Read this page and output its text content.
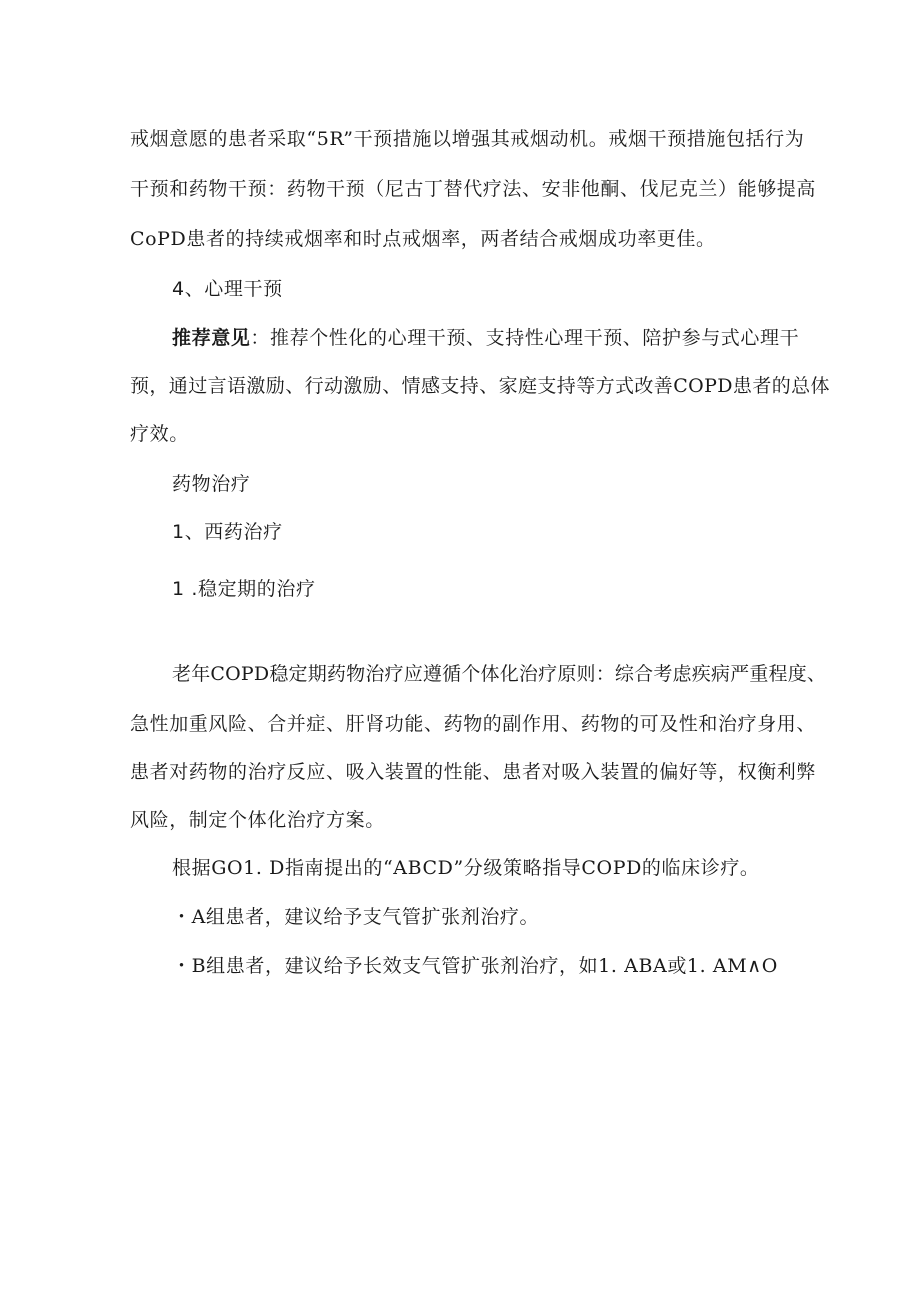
戒烟意愿的患者采取“5R”干预措施以增强其戒烟动机。戒烟干预措施包括行为
干预和药物干预：药物干预（尼古丁替代疗法、安非他酮、伐尼克兰）能够提高
CoPD患者的持续戒烟率和时点戒烟率，两者结合戒烟成功率更佳。
4、心理干预
推荐意见：推荐个性化的心理干预、支持性心理干预、陪护参与式心理干
预，通过言语激励、行动激励、情感支持、家庭支持等方式改善COPD患者的总体
疗效。
药物治疗
1、西药治疗
1 .稳定期的治疗
老年COPD稳定期药物治疗应遵循个体化治疗原则：综合考虑疾病严重程度、
急性加重风险、合并症、肝肾功能、药物的副作用、药物的可及性和治疗身用、
患者对药物的治疗反应、吸入装置的性能、患者对吸入装置的偏好等，权衡利弊
风险，制定个体化治疗方案。
根据GO1. D指南提出的“ABCD”分级策略指导COPD的临床诊疗。
・A组患者，建议给予支气管扩张剂治疗。
・B组患者，建议给予长效支气管扩张剂治疗，如1. ABA或1. AM∧O
